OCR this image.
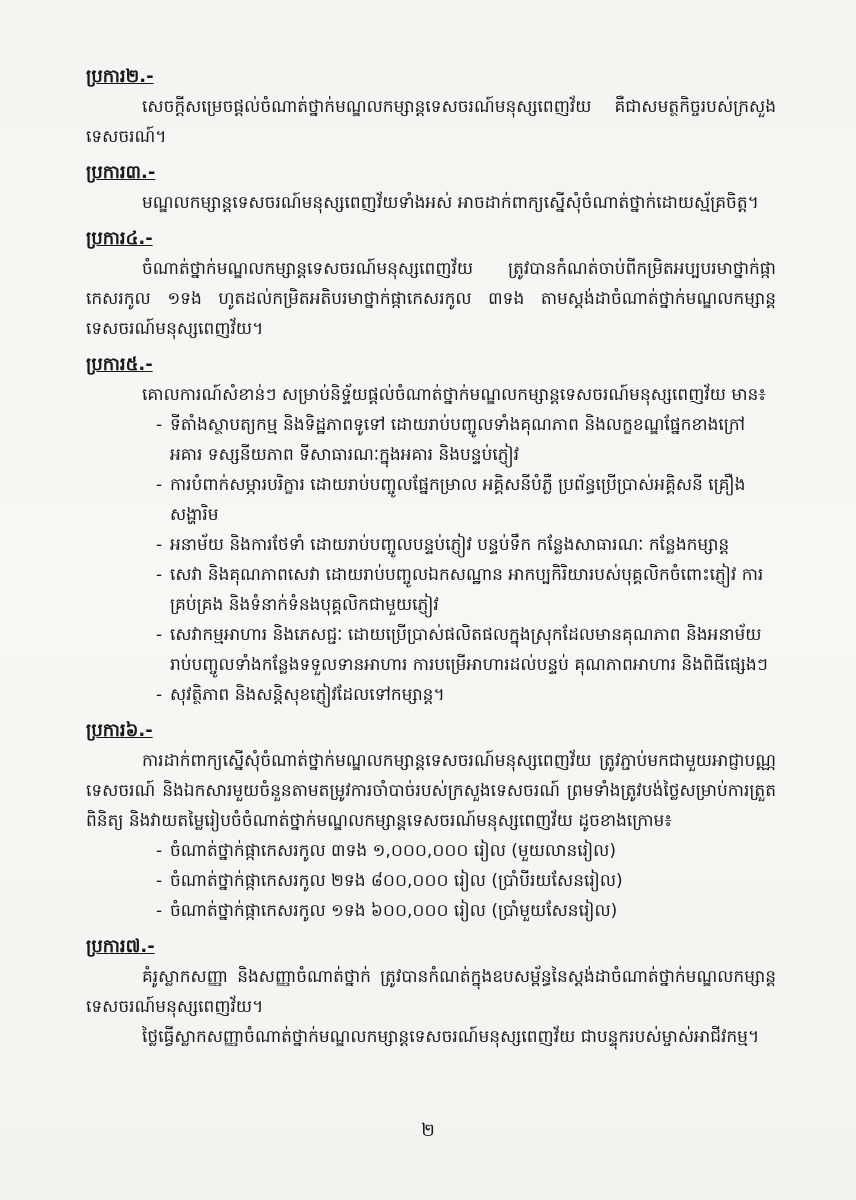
ប្រការ២.-

សេចក្តីសម្រេចផ្តល់ចំណាត់ថ្នាក់មណ្ឌលកម្សាន្តទេសចរណ៍មនុស្សពេញវ័យ គឺជាសមត្ថកិច្ចរបស់ក្រសួងទេសចរណ៍។

ប្រការ៣.-

មណ្ឌលកម្សាន្តទេសចរណ៍មនុស្សពេញវ័យទាំងអស់ អាចដាក់ពាក្យស្នើសុំចំណាត់ថ្នាក់ដោយស្ម័គ្រចិត្ត។

ប្រការ៤.-

ចំណាត់ថ្នាក់មណ្ឌលកម្សាន្តទេសចរណ៍មនុស្សពេញវ័យ ត្រូវបានកំណត់ចាប់ពីកម្រិតអប្បបរមាថ្នាក់ផ្កាកេសរកូល ១ទង ហូតដល់កម្រិតអតិបរមាថ្នាក់ផ្កាកេសរកូល ៣ទង តាមស្តង់ដាចំណាត់ថ្នាក់មណ្ឌលកម្សាន្តទេសចរណ៍មនុស្សពេញវ័យ។

ប្រការ៥.-

គោលការណ៍សំខាន់ៗ សម្រាប់និទ្ទ័យផ្តល់ចំណាត់ថ្នាក់មណ្ឌលកម្សាន្តទេសចរណ៍មនុស្សពេញវ័យ មាន៖

- ទីតាំងស្ថាបត្យកម្ម និងទិដ្ឋភាពទូទៅ ដោយរាប់បញ្ចូលទាំងគុណភាព និងលក្ខខណ្ឌផ្នែកខាងក្រៅអគារ ទស្សនីយភាព ទីសាធារណៈក្នុងអគារ និងបន្ទប់ភ្ញៀវ
- ការបំពាក់សម្ភារបរិក្ខារ ដោយរាប់បញ្ចូលផ្នែកម្រាល អគ្គិសនីបំភ្លឺ ប្រព័ន្ធប្រើប្រាស់អគ្គិសនី គ្រឿងសង្ហារិម
- អនាម័យ និងការថែទាំ ដោយរាប់បញ្ចូលបន្ទប់ភ្ញៀវ បន្ទប់ទឹក កន្លែងសាធារណៈ កន្លែងកម្សាន្ត
- សេវា និងគុណភាពសេវា ដោយរាប់បញ្ចូលឯកសណ្ឋាន អាកប្បកិរិយារបស់បុគ្គលិកចំពោះភ្ញៀវ ការគ្រប់គ្រង និងទំនាក់ទំនងបុគ្គលិកជាមួយភ្ញៀវ
- សេវាកម្មអាហារ និងភេសជ្ជៈ ដោយប្រើប្រាស់ផលិតផលក្នុងស្រុកដែលមានគុណភាព និងអនាម័យ រាប់បញ្ចូលទាំងកន្លែងទទួលទានអាហារ ការបម្រើអាហារដល់បន្ទប់ គុណភាពអាហារ និងពិធីផ្សេងៗ
- សុវត្ថិភាព និងសន្តិសុខភ្ញៀវដែលទៅកម្សាន្ត។

ប្រការ៦.-

ការដាក់ពាក្យស្នើសុំចំណាត់ថ្នាក់មណ្ឌលកម្សាន្តទេសចរណ៍មនុស្សពេញវ័យ ត្រូវភ្ជាប់មកជាមួយអាជ្ញាបណ្ណទេសចរណ៍ និងឯកសារមួយចំនួនតាមតម្រូវការចាំបាច់របស់ក្រសួងទេសចរណ៍ ព្រមទាំងត្រូវបង់ថ្លៃសម្រាប់ការត្រួតពិនិត្យ និងវាយតម្លៃរៀបចំចំណាត់ថ្នាក់មណ្ឌលកម្សាន្តទេសចរណ៍មនុស្សពេញវ័យ ដូចខាងក្រោម៖

- ចំណាត់ថ្នាក់ផ្កាកេសរកូល ៣ទង ១,០០០,០០០ រៀល (មួយលានរៀល)
- ចំណាត់ថ្នាក់ផ្កាកេសរកូល ២ទង ៨០០,០០០ រៀល (ប្រាំបីរយសែនរៀល)
- ចំណាត់ថ្នាក់ផ្កាកេសរកូល ១ទង ៦០០,០០០ រៀល (ប្រាំមួយសែនរៀល)

ប្រការ៧.-

គំរូស្លាកសញ្ញា និងសញ្ញាចំណាត់ថ្នាក់ ត្រូវបានកំណត់ក្នុងឧបសម្ព័ន្ធនៃស្តង់ដាចំណាត់ថ្នាក់មណ្ឌលកម្សាន្តទេសចរណ៍មនុស្សពេញវ័យ។

ថ្លៃធ្វើស្លាកសញ្ញាចំណាត់ថ្នាក់មណ្ឌលកម្សាន្តទេសចរណ៍មនុស្សពេញវ័យ ជាបន្ទុករបស់ម្ចាស់អាជីវកម្ម។

២
